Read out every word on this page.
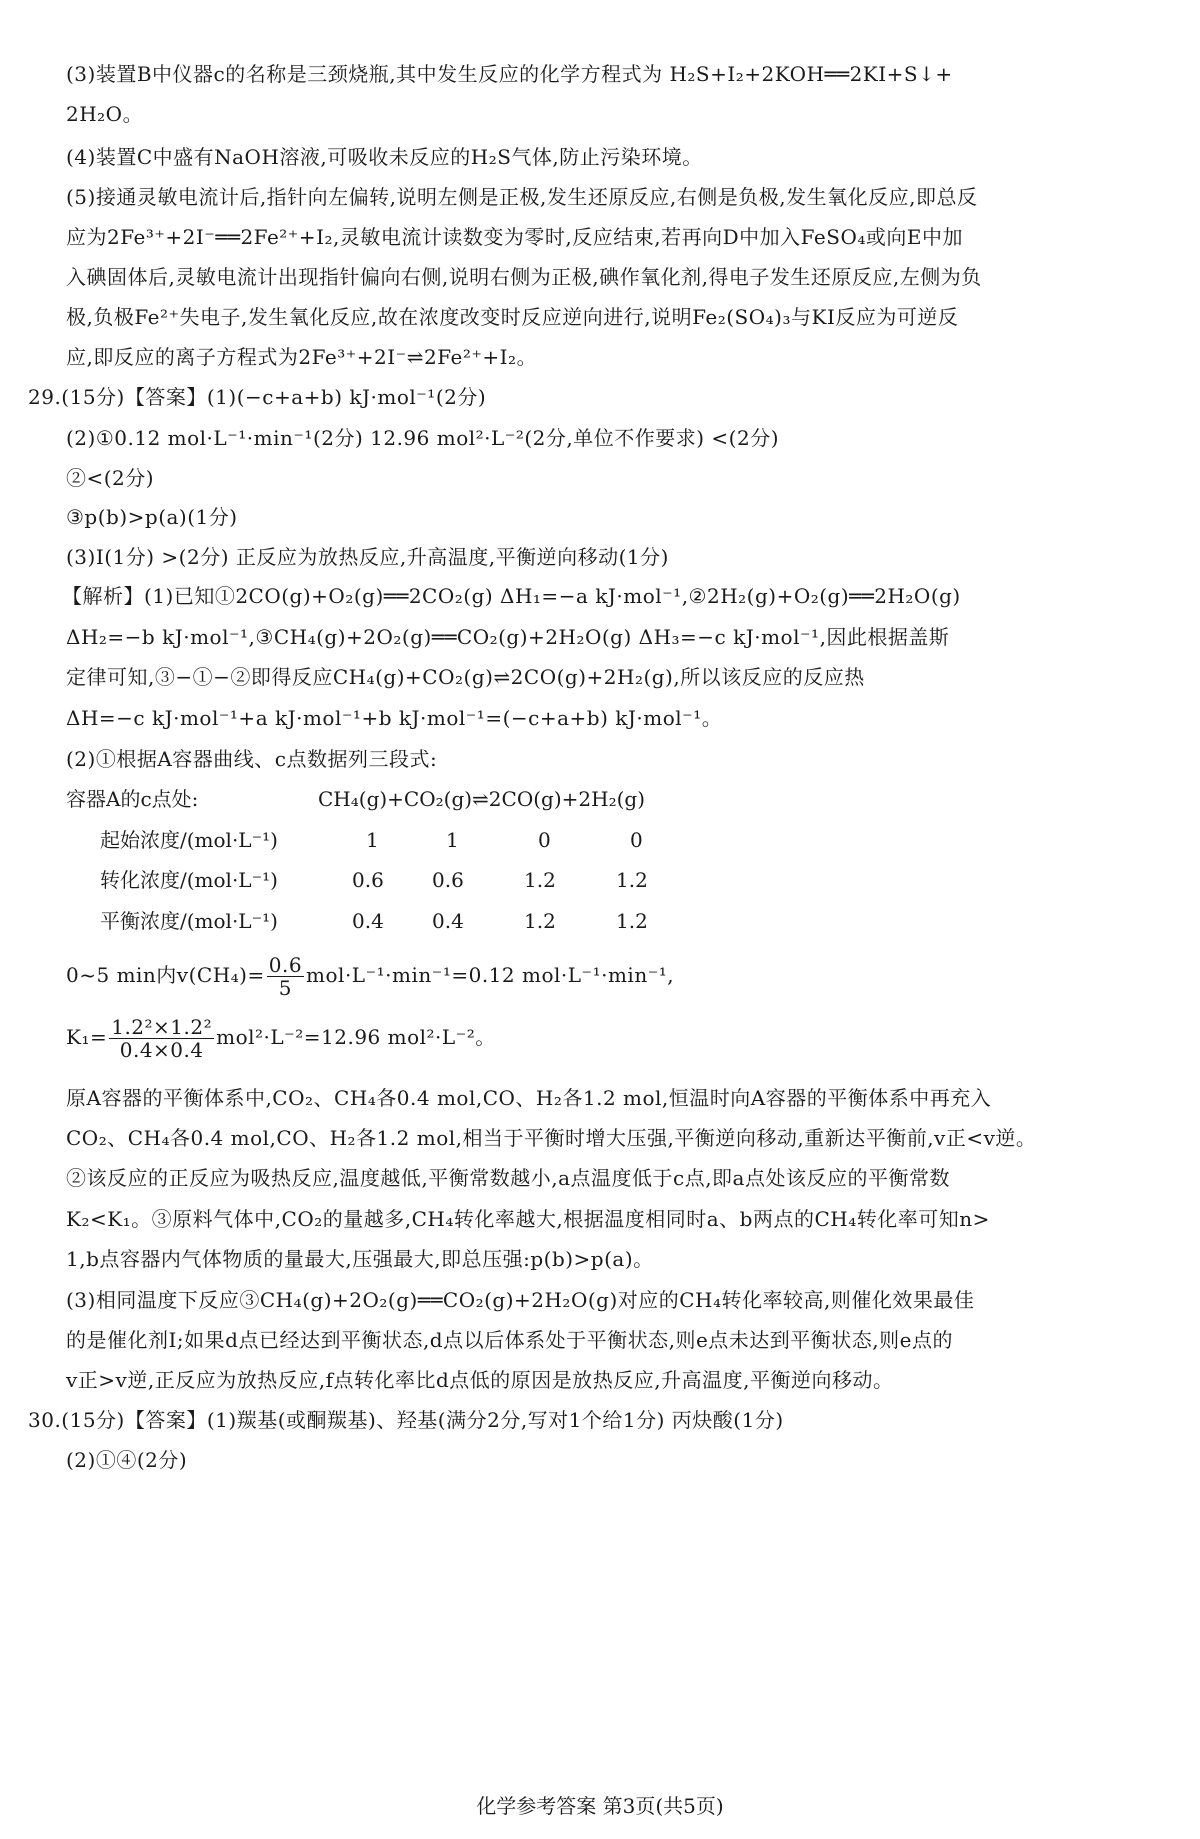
(3)装置B中仪器c的名称是三颈烧瓶,其中发生反应的化学方程式为 H₂S+I₂+2KOH══2KI+S↓+
2H₂O。
(4)装置C中盛有NaOH溶液,可吸收未反应的H₂S气体,防止污染环境。
(5)接通灵敏电流计后,指针向左偏转,说明左侧是正极,发生还原反应,右侧是负极,发生氧化反应,即总反
应为2Fe³⁺+2I⁻══2Fe²⁺+I₂,灵敏电流计读数变为零时,反应结束,若再向D中加入FeSO₄或向E中加
入碘固体后,灵敏电流计出现指针偏向右侧,说明右侧为正极,碘作氧化剂,得电子发生还原反应,左侧为负
极,负极Fe²⁺失电子,发生氧化反应,故在浓度改变时反应逆向进行,说明Fe₂(SO₄)₃与KI反应为可逆反
应,即反应的离子方程式为2Fe³⁺+2I⁻⇌2Fe²⁺+I₂。
29.(15分)【答案】(1)(−c+a+b) kJ·mol⁻¹(2分)
(2)①0.12 mol·L⁻¹·min⁻¹(2分) 12.96 mol²·L⁻²(2分,单位不作要求) <(2分)
②<(2分)
③p(b)>p(a)(1分)
(3)Ⅰ(1分) >(2分) 正反应为放热反应,升高温度,平衡逆向移动(1分)
【解析】(1)已知①2CO(g)+O₂(g)══2CO₂(g) ΔH₁=−a kJ·mol⁻¹,②2H₂(g)+O₂(g)══2H₂O(g)
ΔH₂=−b kJ·mol⁻¹,③CH₄(g)+2O₂(g)══CO₂(g)+2H₂O(g) ΔH₃=−c kJ·mol⁻¹,因此根据盖斯
定律可知,③−①−②即得反应CH₄(g)+CO₂(g)⇌2CO(g)+2H₂(g),所以该反应的反应热
ΔH=−c kJ·mol⁻¹+a kJ·mol⁻¹+b kJ·mol⁻¹=(−c+a+b) kJ·mol⁻¹。
(2)①根据A容器曲线、c点数据列三段式:
容器A的c点处:	CH₄(g)+CO₂(g)⇌2CO(g)+2H₂(g)
起始浓度/(mol·L⁻¹)	1	1	0	0
转化浓度/(mol·L⁻¹)	0.6 0.6	1.2	1.2
平衡浓度/(mol·L⁻¹)	0.4 0.4	1.2	1.2
0~5 min内$v(CH_4)= \frac{0.6}{5} mol\cdot L^{-1}\cdot\min^{-1}=0.12$ mol·L⁻¹·min⁻¹,
$K_1= \frac{\text{1.2²×1.2²}}{0.4\times 0.4} mol^2\cdot L^{-2}=12.96$ mol²·L⁻²。
原A容器的平衡体系中,CO₂、CH₄各0.4 mol,CO、H₂各1.2 mol,恒温时向A容器的平衡体系中再充入
CO₂、CH₄各0.4 mol,CO、H₂各1.2 mol,相当于平衡时增大压强,平衡逆向移动,重新达平衡前,v正<v逆。
②该反应的正反应为吸热反应,温度越低,平衡常数越小,a点温度低于c点,即a点处该反应的平衡常数
K₂<K₁。③原料气体中,CO₂的量越多,CH₄转化率越大,根据温度相同时a、b两点的CH₄转化率可知n>
1,b点容器内气体物质的量最大,压强最大,即总压强:p(b)>p(a)。
(3)相同温度下反应③CH₄(g)+2O₂(g)══CO₂(g)+2H₂O(g)对应的CH₄转化率较高,则催化效果最佳
的是催化剂Ⅰ;如果d点已经达到平衡状态,d点以后体系处于平衡状态,则e点未达到平衡状态,则e点的
v正>v逆,正反应为放热反应,f点转化率比d点低的原因是放热反应,升高温度,平衡逆向移动。
30.(15分)【答案】(1)羰基(或酮羰基)、羟基(满分2分,写对1个给1分) 丙炔酸(1分)
(2)①④(2分)
化学参考答案 第3页(共5页)
